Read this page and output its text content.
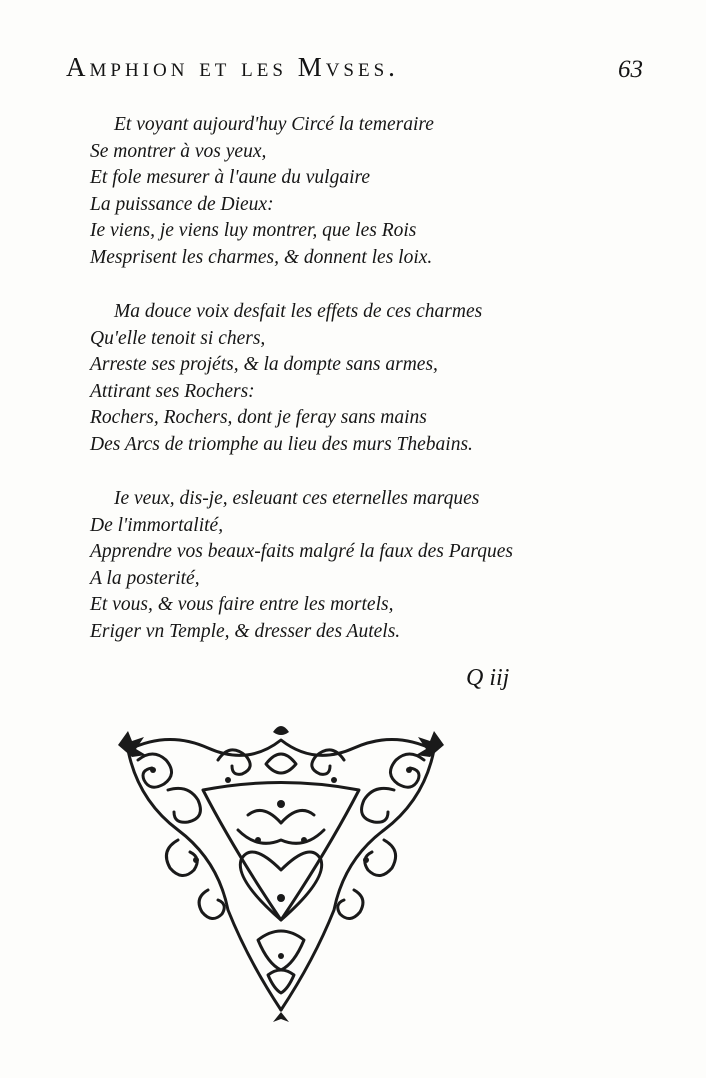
Amphion et les Mvses.	63
Et voyant aujourd'huy Circé la temeraire
Se montrer à vos yeux,
Et fole mesurer à l'aune du vulgaire
La puissance de Dieux:
Ie viens, je viens luy montrer, que les Rois
Mesprisent les charmes, & donnent les loix.
Ma douce voix desfait les effets de ces charmes
Qu'elle tenoit si chers,
Arreste ses projéts, & la dompte sans armes,
Attirant ses Rochers:
Rochers, Rochers, dont je feray sans mains
Des Arcs de triomphe au lieu des murs Thebains.
Ie veux, dis-je, esleuant ces eternelles marques
De l'immortalité,
Apprendre vos beaux-faits malgré la faux des Parques
A la posterité,
Et vous, & vous faire entre les mortels,
Eriger vn Temple, & dresser des Autels.
Q iij
